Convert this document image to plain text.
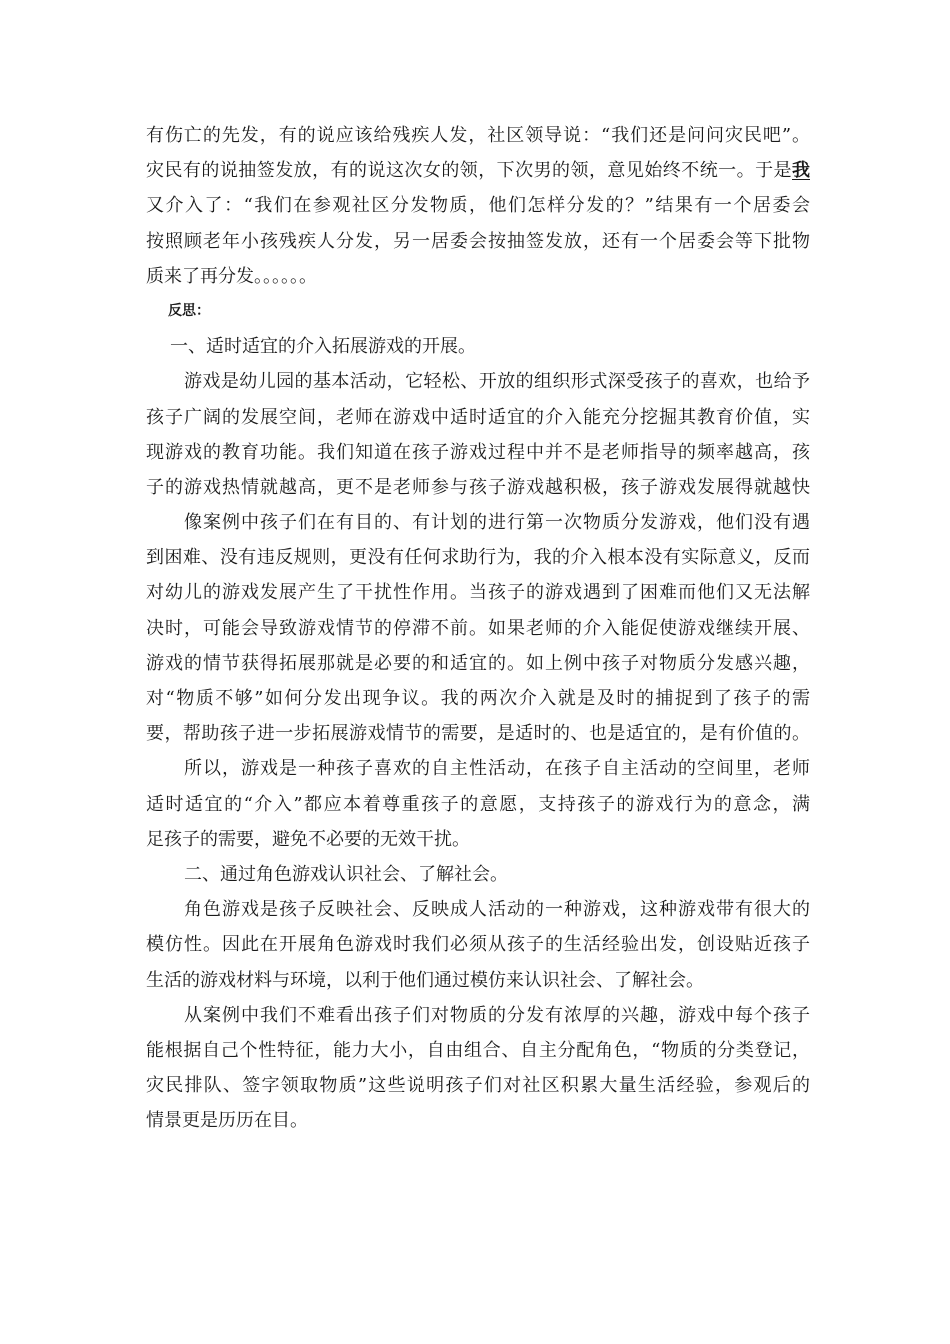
有伤亡的先发，有的说应该给残疾人发，社区领导说：“我们还是问问灾民吧”。
灾民有的说抽签发放，有的说这次女的领，下次男的领，意见始终不统一。于是我
又介入了：“我们在参观社区分发物质，他们怎样分发的？”结果有一个居委会
按照顾老年小孩残疾人分发，另一居委会按抽签发放，还有一个居委会等下批物
质来了再分发。。。。。。
反思：
一、适时适宜的介入拓展游戏的开展。
游戏是幼儿园的基本活动，它轻松、开放的组织形式深受孩子的喜欢，也给予
孩子广阔的发展空间，老师在游戏中适时适宜的介入能充分挖掘其教育价值，实
现游戏的教育功能。我们知道在孩子游戏过程中并不是老师指导的频率越高，孩
子的游戏热情就越高，更不是老师参与孩子游戏越积极，孩子游戏发展得就越快
像案例中孩子们在有目的、有计划的进行第一次物质分发游戏，他们没有遇
到困难、没有违反规则，更没有任何求助行为，我的介入根本没有实际意义，反而
对幼儿的游戏发展产生了干扰性作用。当孩子的游戏遇到了困难而他们又无法解
决时，可能会导致游戏情节的停滞不前。如果老师的介入能促使游戏继续开展、
游戏的情节获得拓展那就是必要的和适宜的。如上例中孩子对物质分发感兴趣，
对“物质不够”如何分发出现争议。我的两次介入就是及时的捕捉到了孩子的需
要，帮助孩子进一步拓展游戏情节的需要，是适时的、也是适宜的，是有价值的。
所以，游戏是一种孩子喜欢的自主性活动，在孩子自主活动的空间里，老师
适时适宜的“介入”都应本着尊重孩子的意愿，支持孩子的游戏行为的意念，满
足孩子的需要，避免不必要的无效干扰。
二、通过角色游戏认识社会、了解社会。
角色游戏是孩子反映社会、反映成人活动的一种游戏，这种游戏带有很大的
模仿性。因此在开展角色游戏时我们必须从孩子的生活经验出发，创设贴近孩子
生活的游戏材料与环境，以利于他们通过模仿来认识社会、了解社会。
从案例中我们不难看出孩子们对物质的分发有浓厚的兴趣，游戏中每个孩子
能根据自己个性特征，能力大小，自由组合、自主分配角色，“物质的分类登记，
灾民排队、签字领取物质”这些说明孩子们对社区积累大量生活经验，参观后的
情景更是历历在目。
